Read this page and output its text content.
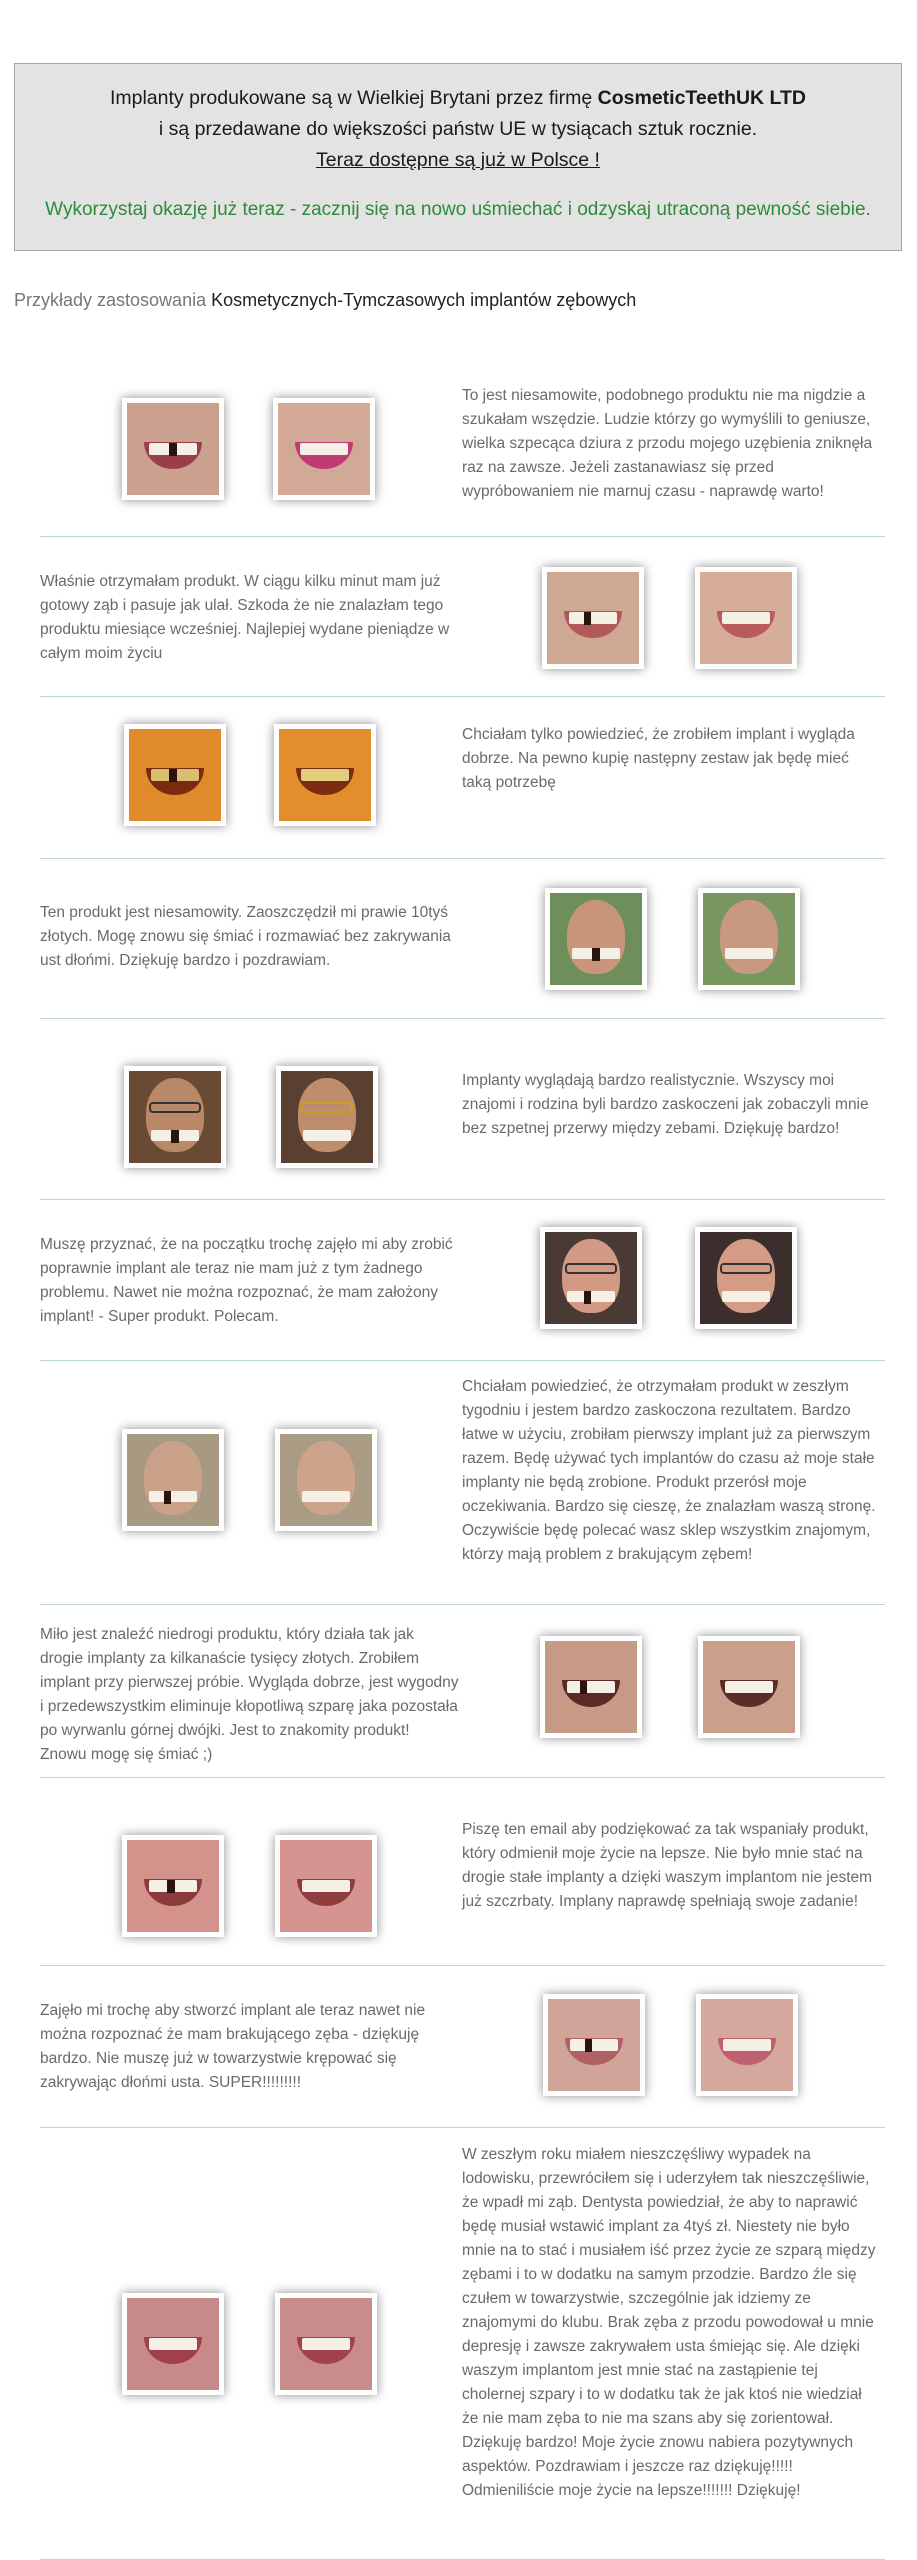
Implanty produkowane są w Wielkiej Brytani przez firmę CosmeticTeethUK LTD
i są przedawane do większości państw UE w tysiącach sztuk rocznie.
Teraz dostępne są już w Polsce !
Wykorzystaj okazję już teraz - zacznij się na nowo uśmiechać i odzyskaj utraconą pewność siebie.
Przykłady zastosowania Kosmetycznych-Tymczasowych implantów zębowych
To jest niesamowite, podobnego produktu nie ma nigdzie a szukałam wszędzie. Ludzie którzy go wymyślili to geniusze, wielka szpecąca dziura z przodu mojego uzębienia zniknęła raz na zawsze. Jeżeli zastanawiasz się przed wypróbowaniem nie marnuj czasu - naprawdę warto!
Właśnie otrzymałam produkt. W ciągu kilku minut mam już gotowy ząb i pasuje jak ulał. Szkoda że nie znalazłam tego produktu miesiące wcześniej. Najlepiej wydane pieniądze w całym moim życiu
Chciałam tylko powiedzieć, że zrobiłem implant i wygląda dobrze. Na pewno kupię następny zestaw jak będę mieć taką potrzebę
Ten produkt jest niesamowity. Zaoszczędził mi prawie 10tyś złotych. Mogę znowu się śmiać i rozmawiać bez zakrywania ust dłońmi. Dziękuję bardzo i pozdrawiam.
Implanty wyglądają bardzo realistycznie. Wszyscy moi znajomi i rodzina byli bardzo zaskoczeni jak zobaczyli mnie bez szpetnej przerwy między zebami. Dziękuję bardzo!
Muszę przyznać, że na początku trochę zajęło mi aby zrobić poprawnie implant ale teraz nie mam już z tym żadnego problemu. Nawet nie można rozpoznać, że mam założony implant! - Super produkt. Polecam.
Chciałam powiedzieć, że otrzymałam produkt w zeszłym tygodniu i jestem bardzo zaskoczona rezultatem. Bardzo łatwe w użyciu, zrobiłam pierwszy implant już za pierwszym razem. Będę używać tych implantów do czasu aż moje stałe implanty nie będą zrobione. Produkt przerósł moje oczekiwania. Bardzo się cieszę, że znalazłam waszą stronę. Oczywiście będę polecać wasz sklep wszystkim znajomym, którzy mają problem z brakującym zębem!
Miło jest znaleźć niedrogi produktu, który działa tak jak drogie implanty za kilkanaście tysięcy złotych. Zrobiłem implant przy pierwszej próbie. Wygląda dobrze, jest wygodny i przedewszystkim eliminuje kłopotliwą szparę jaka pozostała po wyrwanlu górnej dwójki. Jest to znakomity produkt! Znowu mogę się śmiać ;)
Piszę ten email aby podziękować za tak wspaniały produkt, który odmienił moje życie na lepsze. Nie było mnie stać na drogie stałe implanty a dzięki waszym implantom nie jestem już szczrbaty. Implany naprawdę spełniają swoje zadanie!
Zajęło mi trochę aby stworzć implant ale teraz nawet nie można rozpoznać że mam brakującego zęba - dziękuję bardzo. Nie muszę już w towarzystwie krępować się zakrywając dłońmi usta. SUPER!!!!!!!!!
W zeszłym roku miałem nieszczęśliwy wypadek na lodowisku, przewróciłem się i uderzyłem tak nieszczęśliwie, że wpadł mi ząb. Dentysta powiedział, że aby to naprawić będę musiał wstawić implant za 4tyś zł. Niestety nie było mnie na to stać i musiałem iść przez życie ze szparą między zębami i to w dodatku na samym przodzie. Bardzo źle się czułem w towarzystwie, szczególnie jak idziemy ze znajomymi do klubu. Brak zęba z przodu powodował u mnie depresję i zawsze zakrywałem usta śmiejąc się. Ale dzięki waszym implantom jest mnie stać na zastąpienie tej cholernej szpary i to w dodatku tak że jak ktoś nie wiedział że nie mam zęba to nie ma szans aby się zorientował. Dziękuję bardzo! Moje życie znowu nabiera pozytywnych aspektów. Pozdrawiam i jeszcze raz dziękuję!!!!! Odmieniliście moje życie na lepsze!!!!!!! Dziękuję!
